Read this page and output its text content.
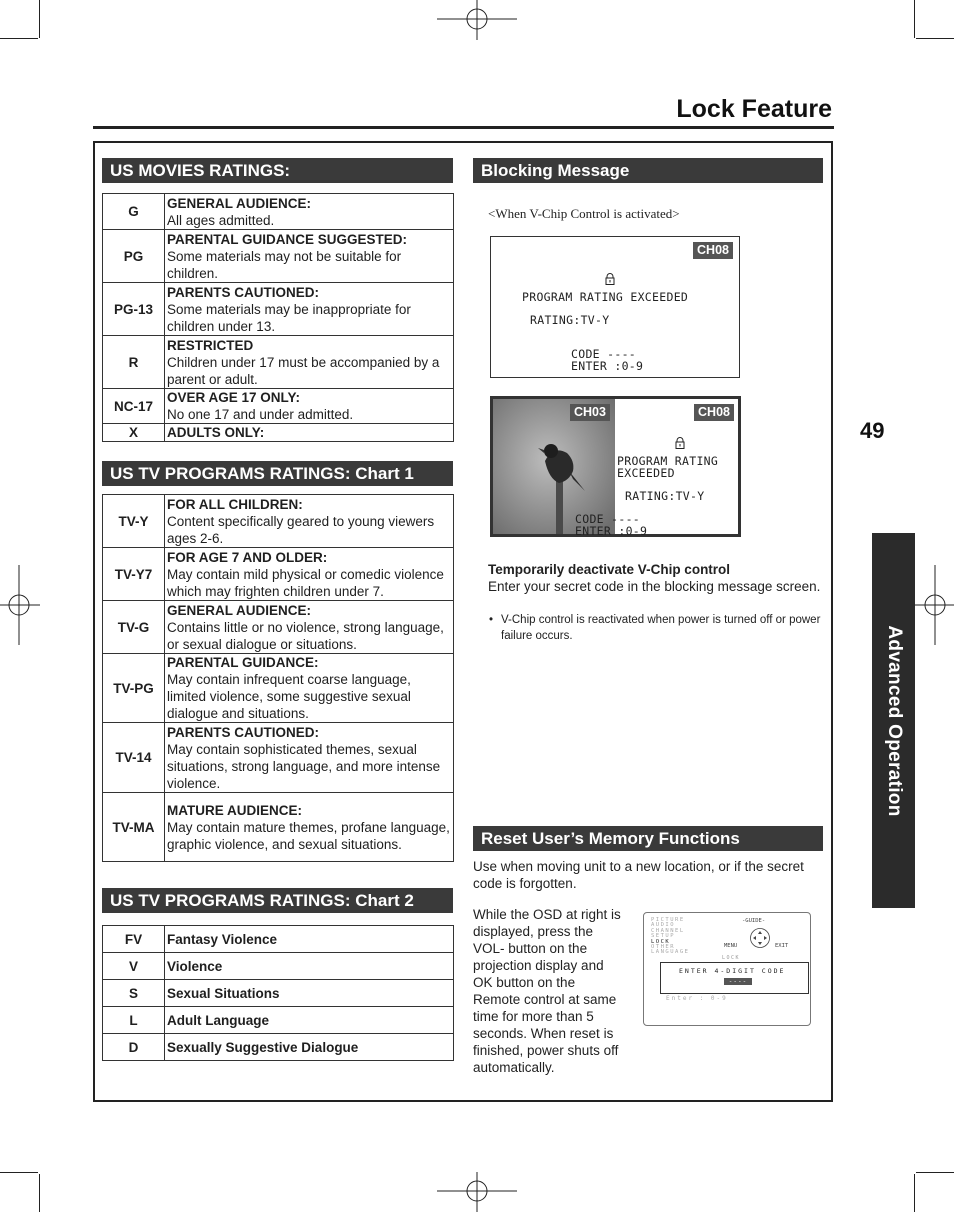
Lock Feature
US MOVIES RATINGS:
G	GENERAL AUDIENCE:
All ages admitted.

PG	PARENTAL GUIDANCE SUGGESTED:
Some materials may not be suitable for children.

PG-13	PARENTS CAUTIONED:
Some materials may be inappropriate for children under 13.

R	RESTRICTED
Children under 17 must be accompanied by a parent or adult.

NC-17	OVER AGE 17 ONLY:
No one 17 and under admitted.

X	ADULTS ONLY:
US TV PROGRAMS RATINGS: Chart 1
TV-Y	FOR ALL CHILDREN:
Content specifically geared to young viewers ages 2-6.

TV-Y7	FOR AGE 7 AND OLDER:
May contain mild physical or comedic violence which may frighten children under 7.

TV-G	GENERAL AUDIENCE:
Contains little or no violence, strong language, or sexual dialogue or situations.

TV-PG	PARENTAL GUIDANCE:
May contain infrequent coarse language, limited violence, some suggestive sexual dialogue and situations.

TV-14	PARENTS CAUTIONED:
May contain sophisticated themes, sexual situations, strong language, and more intense violence.

TV-MA	MATURE AUDIENCE:
May contain mature themes, profane language, graphic violence, and sexual situations.
US TV PROGRAMS RATINGS: Chart 2
FV	Fantasy Violence
V	Violence
S	Sexual Situations
L	Adult Language
D	Sexually Suggestive Dialogue
Blocking Message
<When V-Chip Control is activated>
CH08
PROGRAM RATING EXCEEDED
RATING:TV-Y
CODE ----
ENTER :0-9
CH03	CH08
PROGRAM RATING
EXCEEDED
RATING:TV-Y
CODE ----
ENTER :0-9
Temporarily deactivate V-Chip control
Enter your secret code in the blocking message screen.
• V-Chip control is reactivated when power is turned off or power failure occurs.
Reset User’s Memory Functions
Use when moving unit to a new location, or if the secret code is forgotten.
While the OSD at right is displayed, press the VOL- button on the projection display and OK button on the Remote control at same time for more than 5 seconds. When reset is finished, power shuts off automatically.
PICTURE
AUDIO
CHANNEL
SETUP
LOCK
OTHER
LANGUAGE
-GUIDE-
MENU	EXIT
LOCK
ENTER 4-DIGIT CODE
----
Enter : 0-9
Advanced Operation
49
